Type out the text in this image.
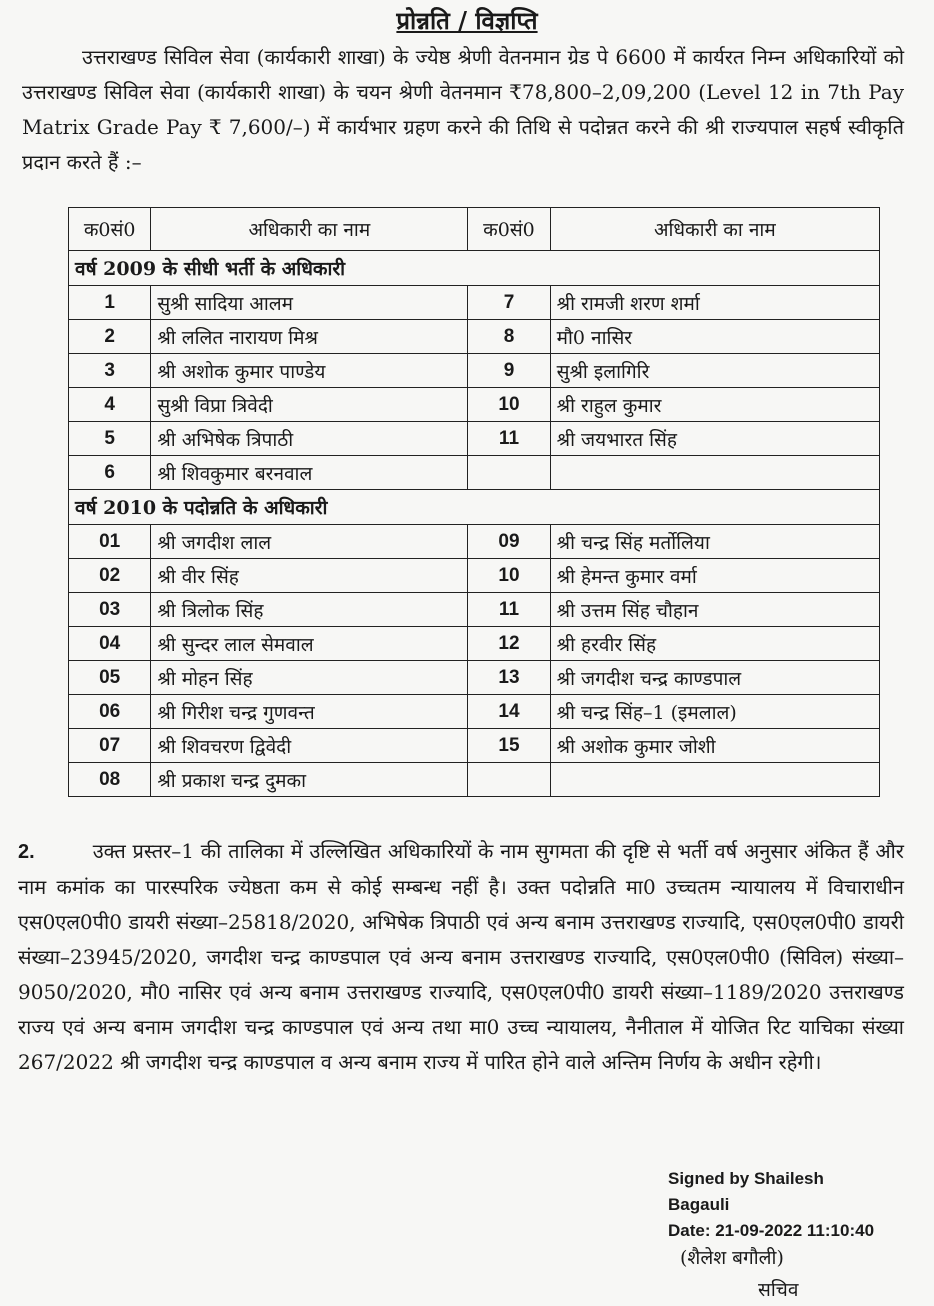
प्रोन्नति / विज्ञप्ति

उत्तराखण्ड सिविल सेवा (कार्यकारी शाखा) के ज्येष्ठ श्रेणी वेतनमान ग्रेड पे 6600 में कार्यरत निम्न अधिकारियों को उत्तराखण्ड सिविल सेवा (कार्यकारी शाखा) के चयन श्रेणी वेतनमान ₹78,800–2,09,200 (Level 12 in 7th Pay Matrix Grade Pay ₹ 7,600/–) में कार्यभार ग्रहण करने की तिथि से पदोन्नत करने की श्री राज्यपाल सहर्ष स्वीकृति प्रदान करते हैं :–

क0सं0	अधिकारी का नाम	क0सं0	अधिकारी का नाम
वर्ष 2009 के सीधी भर्ती के अधिकारी			
1	सुश्री सादिया आलम	7	श्री रामजी शरण शर्मा
2	श्री ललित नारायण मिश्र	8	मौ0 नासिर
3	श्री अशोक कुमार पाण्डेय	9	सुश्री इलागिरि
4	सुश्री विप्रा त्रिवेदी	10	श्री राहुल कुमार
5	श्री अभिषेक त्रिपाठी	11	श्री जयभारत सिंह
6	श्री शिवकुमार बरनवाल		
वर्ष 2010 के पदोन्नति के अधिकारी			
01	श्री जगदीश लाल	09	श्री चन्द्र सिंह मर्तोलिया
02	श्री वीर सिंह	10	श्री हेमन्त कुमार वर्मा
03	श्री त्रिलोक सिंह	11	श्री उत्तम सिंह चौहान
04	श्री सुन्दर लाल सेमवाल	12	श्री हरवीर सिंह
05	श्री मोहन सिंह	13	श्री जगदीश चन्द्र काण्डपाल
06	श्री गिरीश चन्द्र गुणवन्त	14	श्री चन्द्र सिंह–1 (इमलाल)
07	श्री शिवचरण द्विवेदी	15	श्री अशोक कुमार जोशी
08	श्री प्रकाश चन्द्र दुमका		

2.	उक्त प्रस्तर–1 की तालिका में उल्लिखित अधिकारियों के नाम सुगमता की दृष्टि से भर्ती वर्ष अनुसार अंकित हैं और नाम कमांक का पारस्परिक ज्येष्ठता कम से कोई सम्बन्ध नहीं है। उक्त पदोन्नति मा0 उच्चतम न्यायालय में विचाराधीन एस0एल0पी0 डायरी संख्या–25818/2020, अभिषेक त्रिपाठी एवं अन्य बनाम उत्तराखण्ड राज्यादि, एस0एल0पी0 डायरी संख्या–23945/2020, जगदीश चन्द्र काण्डपाल एवं अन्य बनाम उत्तराखण्ड राज्यादि, एस0एल0पी0 (सिविल) संख्या–9050/2020, मौ0 नासिर एवं अन्य बनाम उत्तराखण्ड राज्यादि, एस0एल0पी0 डायरी संख्या–1189/2020 उत्तराखण्ड राज्य एवं अन्य बनाम जगदीश चन्द्र काण्डपाल एवं अन्य तथा मा0 उच्च न्यायालय, नैनीताल में योजित रिट याचिका संख्या 267/2022 श्री जगदीश चन्द्र काण्डपाल व अन्य बनाम राज्य में पारित होने वाले अन्तिम निर्णय के अधीन रहेगी।

Signed by Shailesh
Bagauli
Date: 21-09-2022 11:10:40
(शैलेश बगौली)
सचिव
